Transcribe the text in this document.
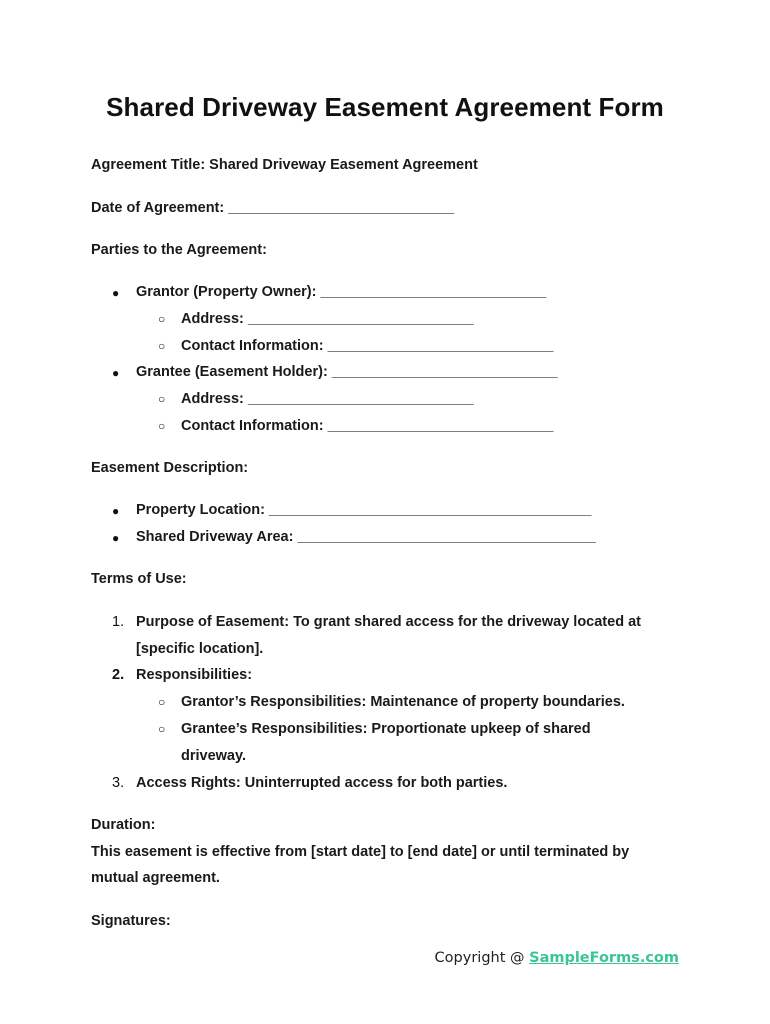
Shared Driveway Easement Agreement Form
Agreement Title: Shared Driveway Easement Agreement
Date of Agreement: ____________________________
Parties to the Agreement:
● Grantor (Property Owner): ____________________________
○ Address: ____________________________
○ Contact Information: ____________________________
● Grantee (Easement Holder): ____________________________
○ Address: ____________________________
○ Contact Information: ____________________________
Easement Description:
● Property Location: ________________________________________
● Shared Driveway Area: _____________________________________
Terms of Use:
1. Purpose of Easement: To grant shared access for the driveway located at
[specific location].
2. Responsibilities:
○ Grantor’s Responsibilities: Maintenance of property boundaries.
○ Grantee’s Responsibilities: Proportionate upkeep of shared
driveway.
3. Access Rights: Uninterrupted access for both parties.
Duration:
This easement is effective from [start date] to [end date] or until terminated by
mutual agreement.
Signatures:
Copyright @ SampleForms.com
